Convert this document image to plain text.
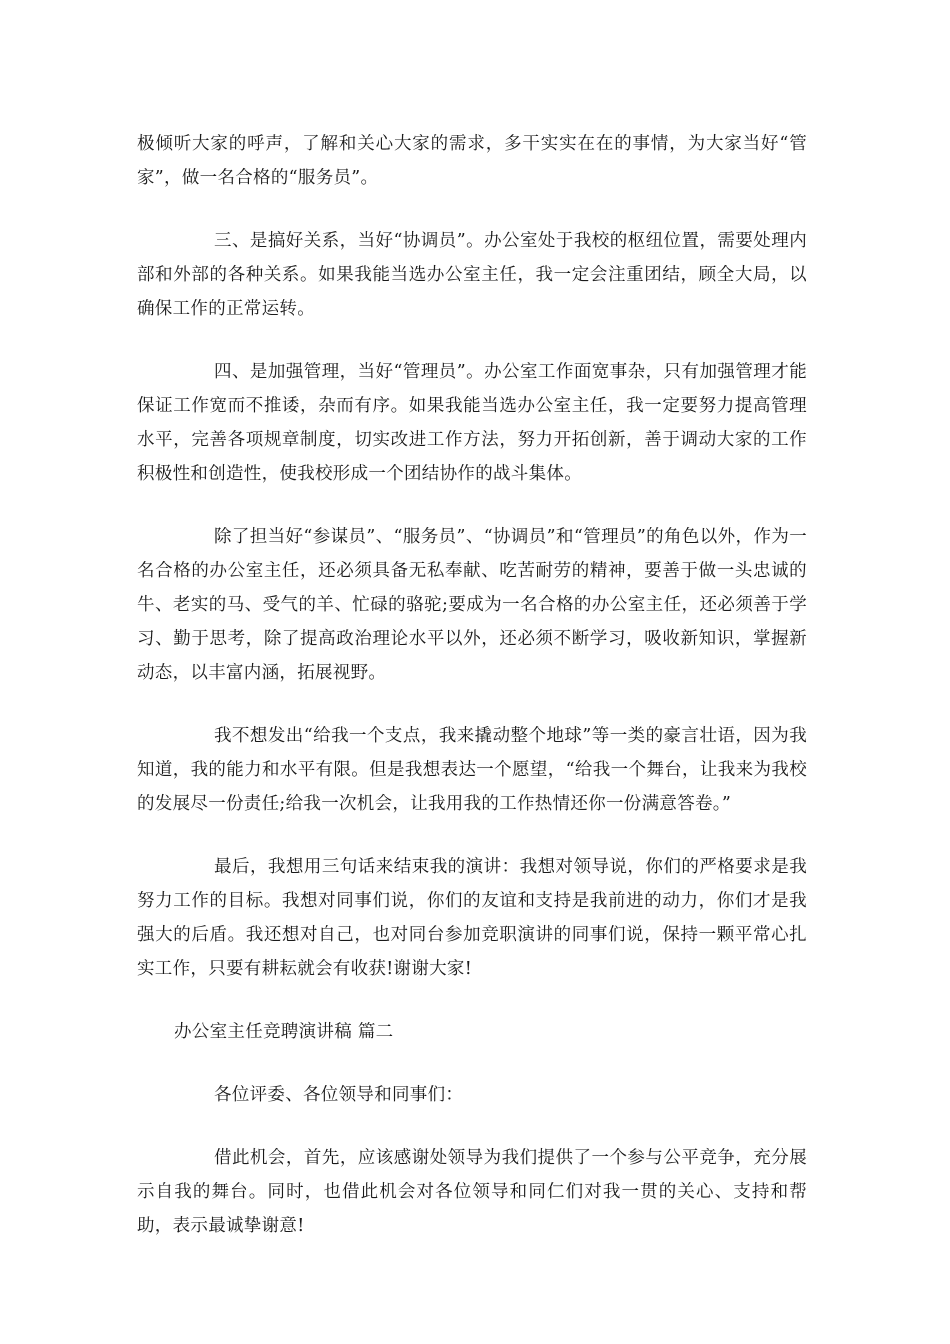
极倾听大家的呼声，了解和关心大家的需求，多干实实在在的事情，为大家当好“管家”，做一名合格的“服务员”。

三、是搞好关系，当好“协调员”。办公室处于我校的枢纽位置，需要处理内部和外部的各种关系。如果我能当选办公室主任，我一定会注重团结，顾全大局，以确保工作的正常运转。

四、是加强管理，当好“管理员”。办公室工作面宽事杂，只有加强管理才能保证工作宽而不推诿，杂而有序。如果我能当选办公室主任，我一定要努力提高管理水平，完善各项规章制度，切实改进工作方法，努力开拓创新，善于调动大家的工作积极性和创造性，使我校形成一个团结协作的战斗集体。

除了担当好“参谋员”、“服务员”、“协调员”和“管理员”的角色以外，作为一名合格的办公室主任，还必须具备无私奉献、吃苦耐劳的精神，要善于做一头忠诚的牛、老实的马、受气的羊、忙碌的骆驼;要成为一名合格的办公室主任，还必须善于学习、勤于思考，除了提高政治理论水平以外，还必须不断学习，吸收新知识，掌握新动态，以丰富内涵，拓展视野。

我不想发出“给我一个支点，我来撬动整个地球”等一类的豪言壮语，因为我知道，我的能力和水平有限。但是我想表达一个愿望，“给我一个舞台，让我来为我校的发展尽一份责任;给我一次机会，让我用我的工作热情还你一份满意答卷。”

最后，我想用三句话来结束我的演讲：我想对领导说，你们的严格要求是我努力工作的目标。我想对同事们说，你们的友谊和支持是我前进的动力，你们才是我强大的后盾。我还想对自己，也对同台参加竞职演讲的同事们说，保持一颗平常心扎实工作，只要有耕耘就会有收获!谢谢大家!

办公室主任竞聘演讲稿 篇二

各位评委、各位领导和同事们：

借此机会，首先，应该感谢处领导为我们提供了一个参与公平竞争，充分展示自我的舞台。同时，也借此机会对各位领导和同仁们对我一贯的关心、支持和帮助，表示最诚挚谢意!
